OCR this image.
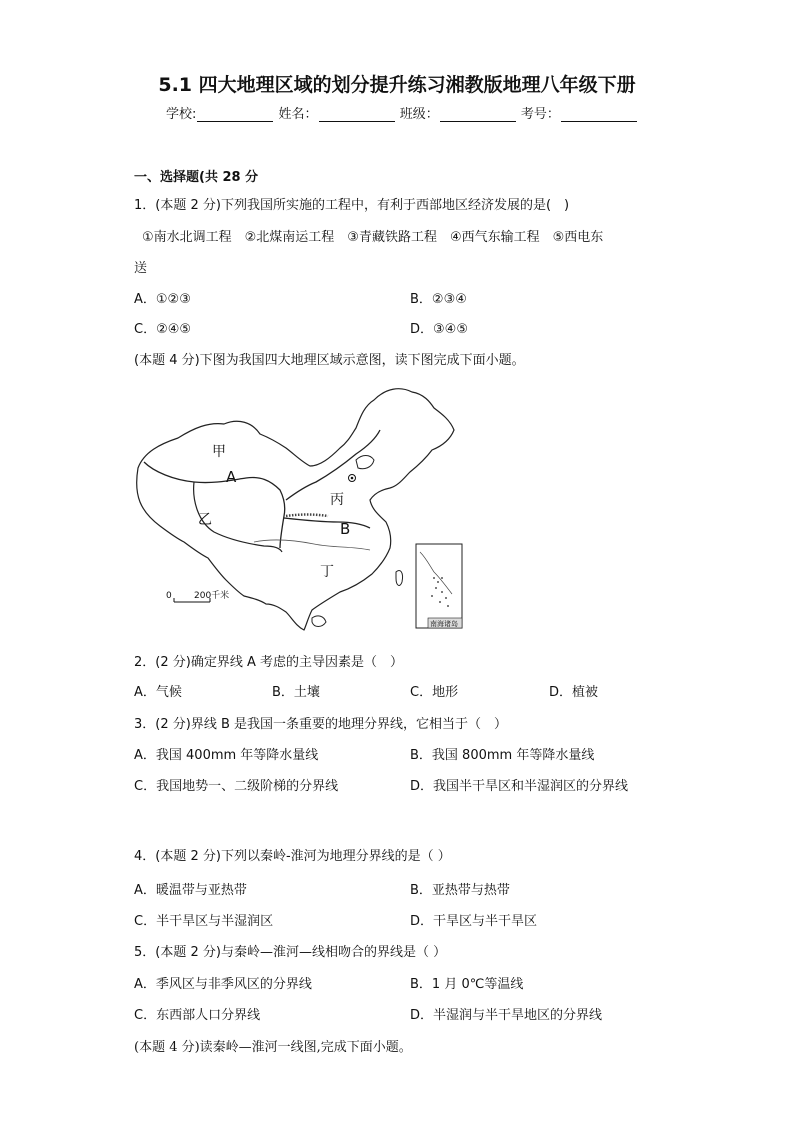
5.1 四大地理区域的划分提升练习湘教版地理八年级下册
学校:	姓名：	班级：	考号：
一、选择题(共 28 分
1．(本题 2 分)下列我国所实施的工程中，有利于西部地区经济发展的是(　)
①南水北调工程　②北煤南运工程　③青藏铁路工程　④西气东输工程　⑤西电东
送
A．①②③	B．②③④
C．②④⑤	D．③④⑤
(本题 4 分)下图为我国四大地理区域示意图，读下图完成下面小题。
甲
A
乙
丙
B
丁
0 200千米
南海诸岛
2．(2 分)确定界线 A 考虑的主导因素是（　）
A．气候	B．土壤	C．地形	D．植被
3．(2 分)界线 B 是我国一条重要的地理分界线，它相当于（　）
A．我国 400mm 年等降水量线	B．我国 800mm 年等降水量线
C．我国地势一、二级阶梯的分界线	D．我国半干旱区和半湿润区的分界线
4．(本题 2 分)下列以秦岭-淮河为地理分界线的是（ ）
A．暖温带与亚热带	B．亚热带与热带
C．半干旱区与半湿润区	D．干旱区与半干旱区
5．(本题 2 分)与秦岭—淮河—线相吻合的界线是（ ）
A．季风区与非季风区的分界线	B．1 月 0℃等温线
C．东西部人口分界线	D．半湿润与半干旱地区的分界线
(本题 4 分)读秦岭—淮河一线图,完成下面小题。
